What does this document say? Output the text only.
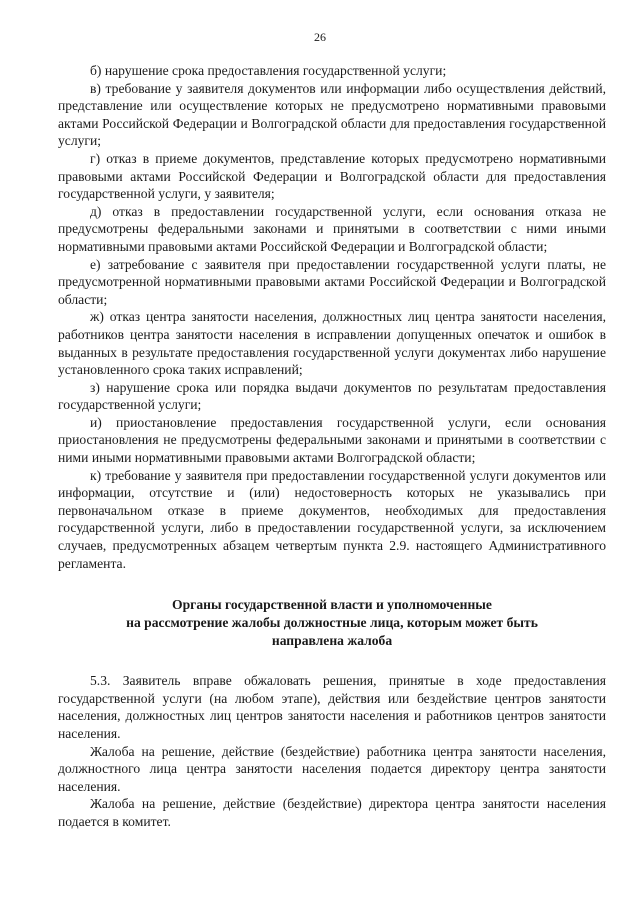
26

б) нарушение срока предоставления государственной услуги;

в) требование у заявителя документов или информации либо осуществления действий, представление или осуществление которых не предусмотрено нормативными правовыми актами Российской Федерации и Волгоградской области для предоставления государственной услуги;

г) отказ в приеме документов, представление которых предусмотрено нормативными правовыми актами Российской Федерации и Волгоградской области для предоставления государственной услуги, у заявителя;

д) отказ в предоставлении государственной услуги, если основания отказа не предусмотрены федеральными законами и принятыми в соответствии с ними иными нормативными правовыми актами Российской Федерации и Волгоградской области;

е) затребование с заявителя при предоставлении государственной услуги платы, не предусмотренной нормативными правовыми актами Российской Федерации и Волгоградской области;

ж) отказ центра занятости населения, должностных лиц центра занятости населения, работников центра занятости населения в исправлении допущенных опечаток и ошибок в выданных в результате предоставления государственной услуги документах либо нарушение установленного срока таких исправлений;

з) нарушение срока или порядка выдачи документов по результатам предоставления государственной услуги;

и) приостановление предоставления государственной услуги, если основания приостановления не предусмотрены федеральными законами и принятыми в соответствии с ними иными нормативными правовыми актами Волгоградской области;

к) требование у заявителя при предоставлении государственной услуги документов или информации, отсутствие и (или) недостоверность которых не указывались при первоначальном отказе в приеме документов, необходимых для предоставления государственной услуги, либо в предоставлении государственной услуги, за исключением случаев, предусмотренных абзацем четвертым пункта 2.9. настоящего Административного регламента.

Органы государственной власти и уполномоченные
на рассмотрение жалобы должностные лица, которым может быть
направлена жалоба

5.3. Заявитель вправе обжаловать решения, принятые в ходе предоставления государственной услуги (на любом этапе), действия или бездействие центров занятости населения, должностных лиц центров занятости населения и работников центров занятости населения.

Жалоба на решение, действие (бездействие) работника центра занятости населения, должностного лица центра занятости населения подается директору центра занятости населения.

Жалоба на решение, действие (бездействие) директора центра занятости населения подается в комитет.
